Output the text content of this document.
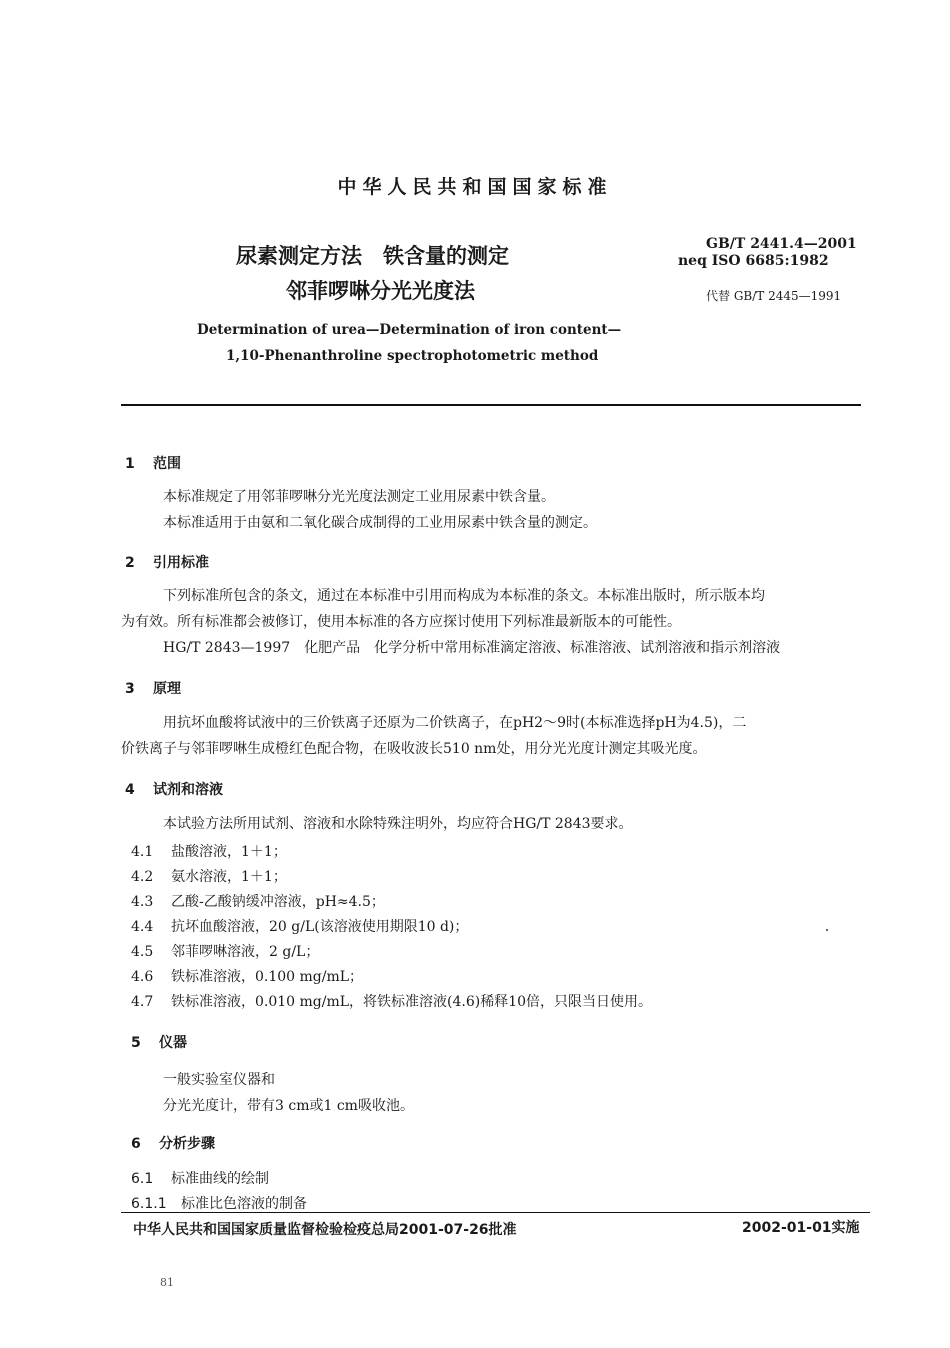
中华人民共和国国家标准
尿素测定方法　铁含量的测定
邻菲啰啉分光光度法
GB/T 2441.4—2001
neq ISO 6685:1982
代替 GB/T 2445—1991
Determination of urea—Determination of iron content—
1,10-Phenanthroline spectrophotometric method
1 范围
本标准规定了用邻菲啰啉分光光度法测定工业用尿素中铁含量。
本标准适用于由氨和二氧化碳合成制得的工业用尿素中铁含量的测定。
2 引用标准
下列标准所包含的条文，通过在本标准中引用而构成为本标准的条文。本标准出版时，所示版本均
为有效。所有标准都会被修订，使用本标准的各方应探讨使用下列标准最新版本的可能性。
HG/T 2843—1997　化肥产品　化学分析中常用标准滴定溶液、标准溶液、试剂溶液和指示剂溶液
3 原理
用抗坏血酸将试液中的三价铁离子还原为二价铁离子，在pH2～9时(本标准选择pH为4.5)，二
价铁离子与邻菲啰啉生成橙红色配合物，在吸收波长510 nm处，用分光光度计测定其吸光度。
4 试剂和溶液
本试验方法所用试剂、溶液和水除特殊注明外，均应符合HG/T 2843要求。
4.1 盐酸溶液，1＋1；
4.2 氨水溶液，1＋1；
4.3 乙酸-乙酸钠缓冲溶液，pH≈4.5；
4.4 抗坏血酸溶液，20 g/L(该溶液使用期限10 d)；
4.5 邻菲啰啉溶液，2 g/L；
4.6 铁标准溶液，0.100 mg/mL；
4.7 铁标准溶液，0.010 mg/mL，将铁标准溶液(4.6)稀释10倍，只限当日使用。
5 仪器
一般实验室仪器和
分光光度计，带有3 cm或1 cm吸收池。
6 分析步骤
6.1 标准曲线的绘制
6.1.1 标准比色溶液的制备
中华人民共和国国家质量监督检验检疫总局2001-07-26批准	2002-01-01实施
81
